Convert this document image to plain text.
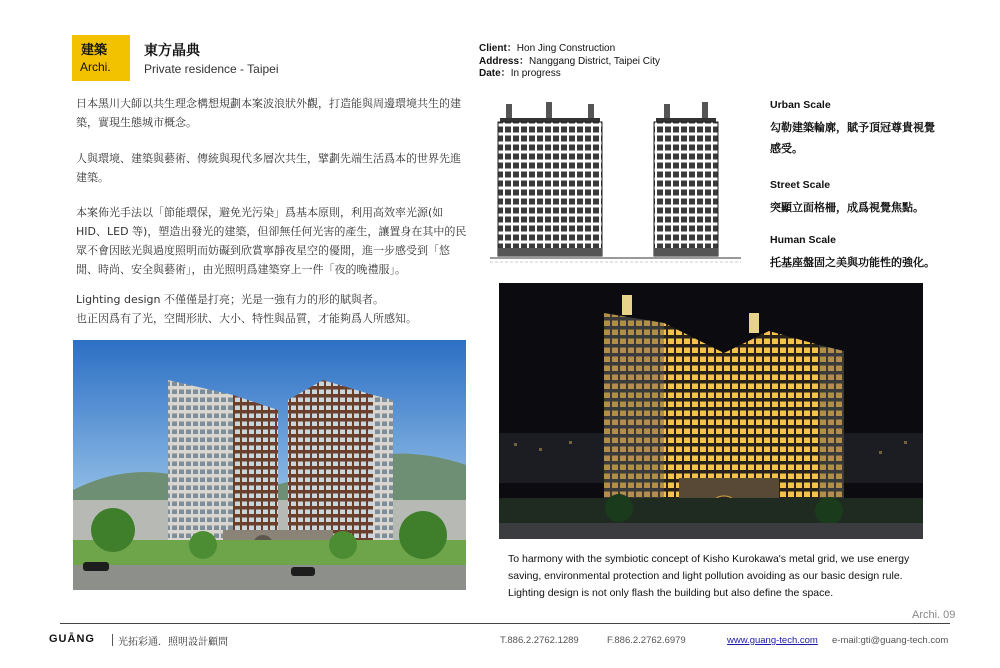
建築
Archi.
東方晶典
Private residence - Taipei
Client：Hon Jing Construction
Address：Nanggang District, Taipei City
Date：In progress

日本黑川大師以共生理念構想規劃本案波浪狀外觀，打造能與周邊環境共生的建築，實現生態城市概念。

人與環境、建築與藝術、傳統與現代多層次共生，擘劃先端生活爲本的世界先進建築。

本案佈光手法以「節能環保，避免光污染」爲基本原則，利用高效率光源(如 HID、LED 等)，塑造出發光的建築，但卻無任何光害的產生，讓置身在其中的民眾不會因眩光與過度照明而妨礙到欣賞寧靜夜星空的優閒，進一步感受到「悠閒、時尚、安全與藝術」，由光照明爲建築穿上一件「夜的晚禮服」。

Lighting design 不僅僅是打亮；光是一強有力的形的賦與者。
也正因爲有了光，空間形狀、大小、特性與品質，才能夠爲人所感知。
Urban Scale
勾勒建築輪廓，賦予頂冠尊貴視覺感受。
Street Scale
突顯立面格柵，成爲視覺焦點。
Human Scale
托基座盤固之美與功能性的強化。

To harmony with the symbiotic concept of Kisho Kurokawa's metal grid, we use energy saving, environmental protection and light pollution avoiding as our basic design rule. Lighting design is not only flash the building but also define the space.

Archi. 09
GUĀNG 光拓彩通．照明設計顧問	T.886.2.2762.1289	F.886.2.2762.6979	www.guang-tech.com e-mail:gti@guang-tech.com
